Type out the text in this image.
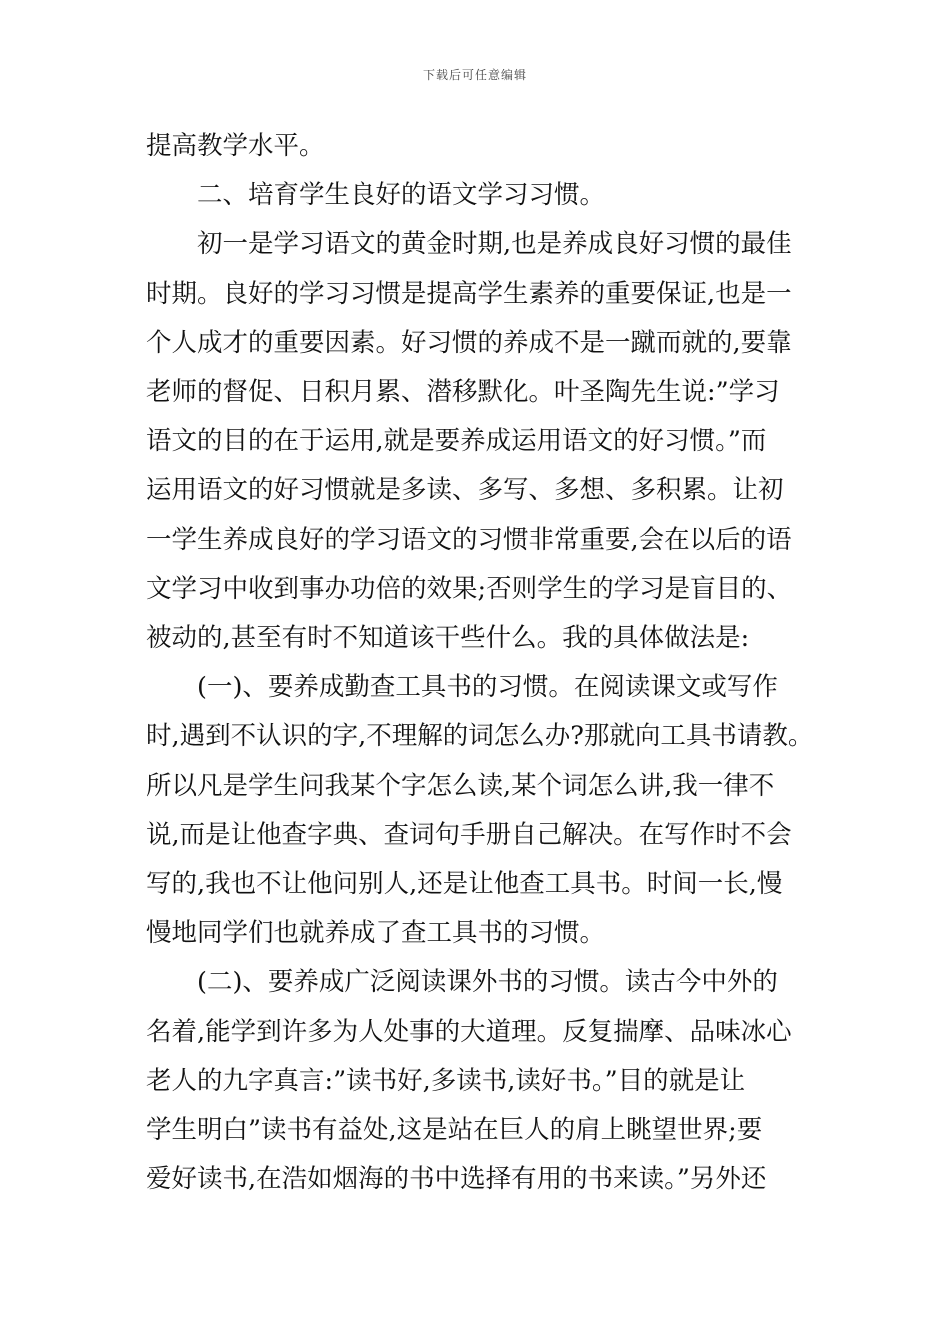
下载后可任意编辑
提高教学水平。
二、培育学生良好的语文学习习惯。
初一是学习语文的黄金时期,也是养成良好习惯的最佳
时期。良好的学习习惯是提高学生素养的重要保证,也是一
个人成才的重要因素。好习惯的养成不是一蹴而就的,要靠
老师的督促、日积月累、潜移默化。叶圣陶先生说:”学习
语文的目的在于运用,就是要养成运用语文的好习惯。”而
运用语文的好习惯就是多读、多写、多想、多积累。让初
一学生养成良好的学习语文的习惯非常重要,会在以后的语
文学习中收到事办功倍的效果;否则学生的学习是盲目的、
被动的,甚至有时不知道该干些什么。我的具体做法是:
(一)、要养成勤查工具书的习惯。在阅读课文或写作
时,遇到不认识的字,不理解的词怎么办?那就向工具书请教。
所以凡是学生问我某个字怎么读,某个词怎么讲,我一律不
说,而是让他查字典、查词句手册自己解决。在写作时不会
写的,我也不让他问别人,还是让他查工具书。时间一长,慢
慢地同学们也就养成了查工具书的习惯。
(二)、要养成广泛阅读课外书的习惯。读古今中外的
名着,能学到许多为人处事的大道理。反复揣摩、品味冰心
老人的九字真言:”读书好,多读书,读好书。”目的就是让
学生明白”读书有益处,这是站在巨人的肩上眺望世界;要
爱好读书,在浩如烟海的书中选择有用的书来读。”另外还
